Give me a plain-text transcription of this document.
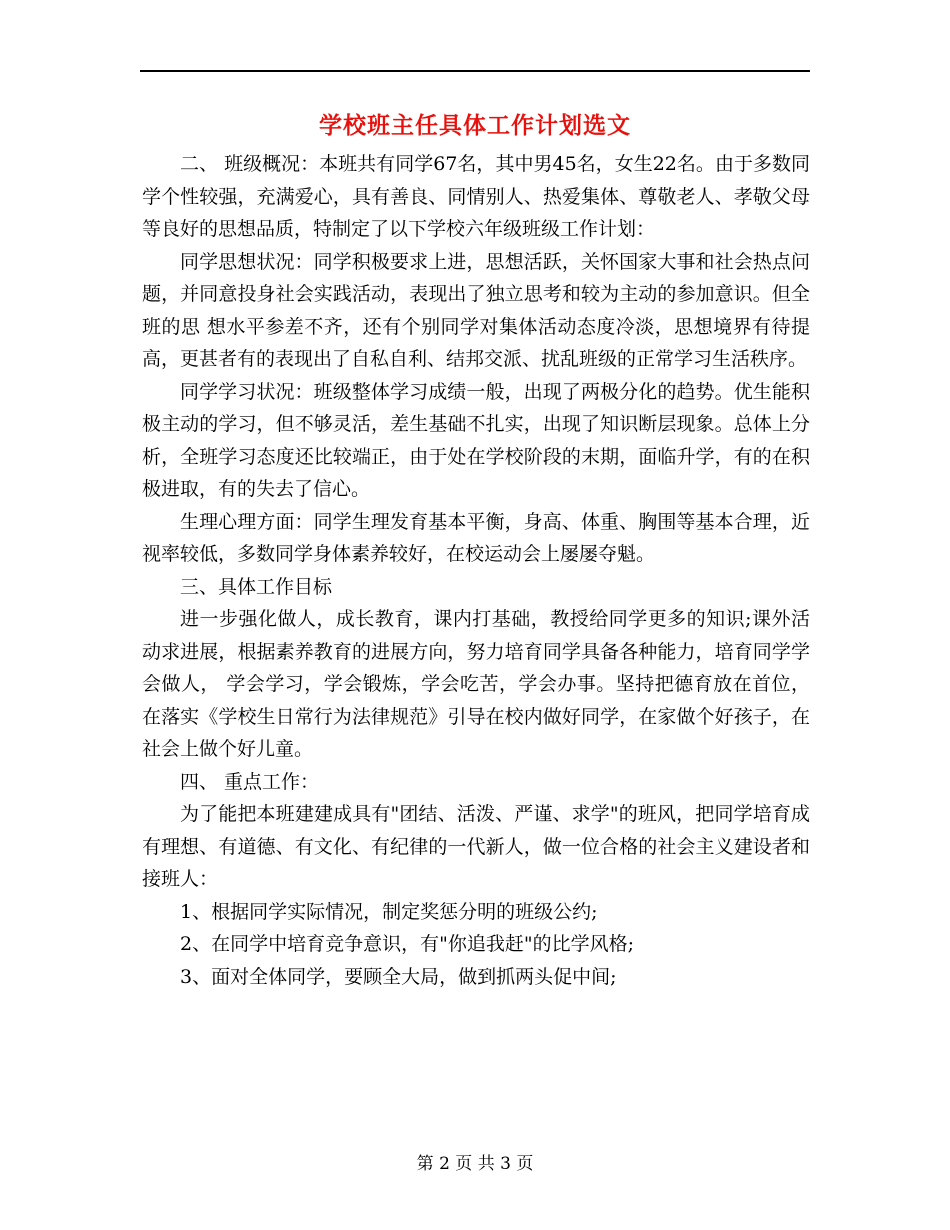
学校班主任具体工作计划选文

二、 班级概况：本班共有同学67名，其中男45名，女生22名。由于多数同学个性较强，充满爱心，具有善良、同情别人、热爱集体、尊敬老人、孝敬父母等良好的思想品质，特制定了以下学校六年级班级工作计划：

同学思想状况：同学积极要求上进，思想活跃，关怀国家大事和社会热点问题，并同意投身社会实践活动，表现出了独立思考和较为主动的参加意识。但全班的思 想水平参差不齐，还有个别同学对集体活动态度冷淡，思想境界有待提高，更甚者有的表现出了自私自利、结邦交派、扰乱班级的正常学习生活秩序。

同学学习状况：班级整体学习成绩一般，出现了两极分化的趋势。优生能积极主动的学习，但不够灵活，差生基础不扎实，出现了知识断层现象。总体上分析，全班学习态度还比较端正，由于处在学校阶段的末期，面临升学，有的在积极进取，有的失去了信心。

生理心理方面：同学生理发育基本平衡，身高、体重、胸围等基本合理，近视率较低，多数同学身体素养较好，在校运动会上屡屡夺魁。

三、具体工作目标

进一步强化做人，成长教育，课内打基础，教授给同学更多的知识;课外活动求进展，根据素养教育的进展方向，努力培育同学具备各种能力，培育同学学会做人， 学会学习，学会锻炼，学会吃苦，学会办事。坚持把德育放在首位，在落实《学校生日常行为法律规范》引导在校内做好同学，在家做个好孩子，在社会上做个好儿童。

四、 重点工作：

为了能把本班建建成具有"团结、活泼、严谨、求学"的班风，把同学培育成有理想、有道德、有文化、有纪律的一代新人，做一位合格的社会主义建设者和接班人：

1、根据同学实际情况，制定奖惩分明的班级公约;

2、在同学中培育竞争意识，有"你追我赶"的比学风格;

3、面对全体同学，要顾全大局，做到抓两头促中间;

第 2 页 共 3 页
